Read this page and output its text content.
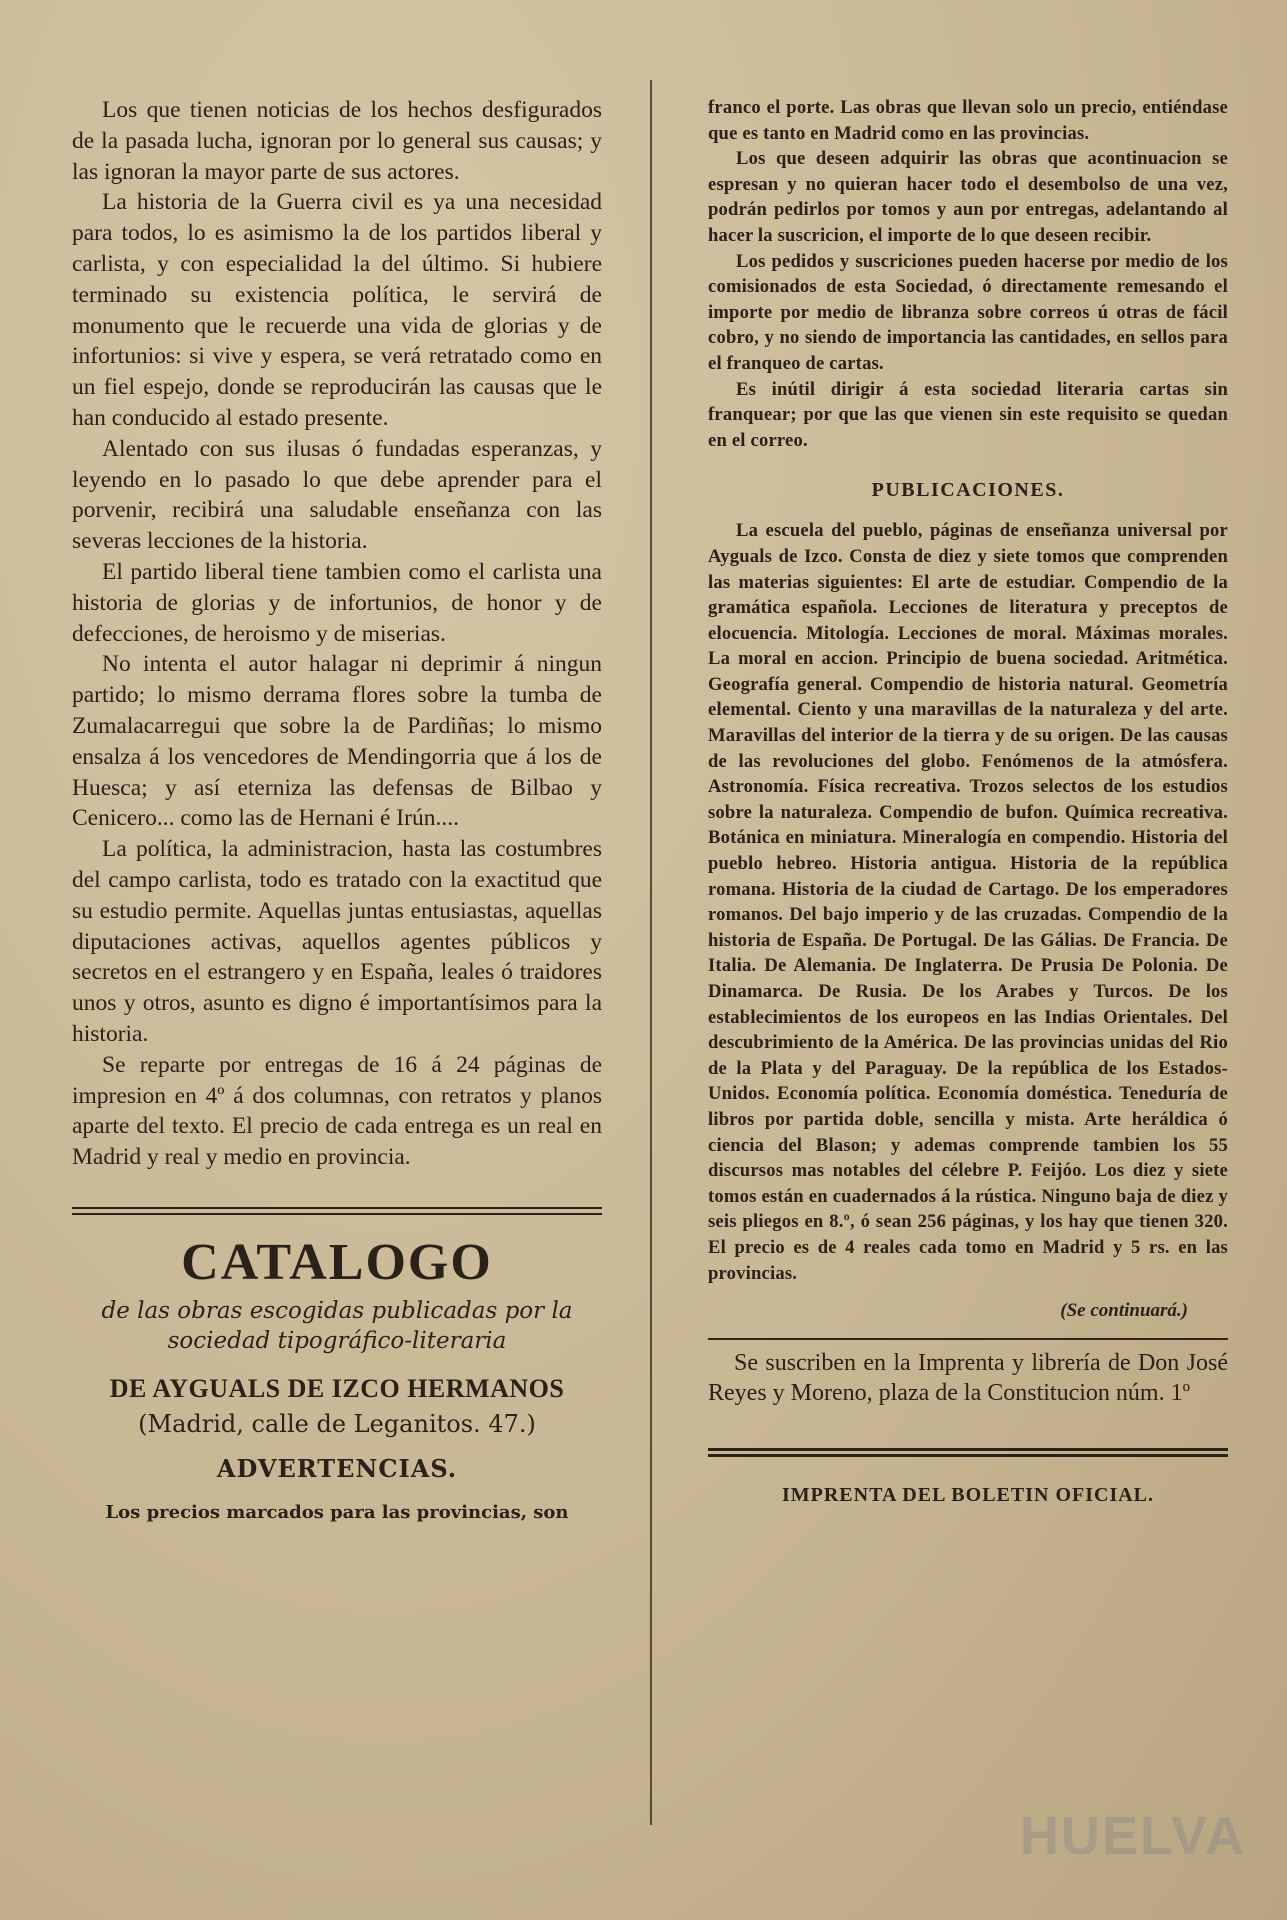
Los que tienen noticias de los hechos desfigurados de la pasada lucha, ignoran por lo general sus causas; y las ignoran la mayor parte de sus actores.

La historia de la Guerra civil es ya una necesidad para todos, lo es asimismo la de los partidos liberal y carlista, y con especialidad la del último. Si hubiere terminado su existencia política, le servirá de monumento que le recuerde una vida de glorias y de infortunios: si vive y espera, se verá retratado como en un fiel espejo, donde se reproducirán las causas que le han conducido al estado presente.

Alentado con sus ilusas ó fundadas esperanzas, y leyendo en lo pasado lo que debe aprender para el porvenir, recibirá una saludable enseñanza con las severas lecciones de la historia.

El partido liberal tiene tambien como el carlista una historia de glorias y de infortunios, de honor y de defecciones, de heroismo y de miserias.

No intenta el autor halagar ni deprimir á ningun partido; lo mismo derrama flores sobre la tumba de Zumalacarregui que sobre la de Pardiñas; lo mismo ensalza á los vencedores de Mendingorria que á los de Huesca; y así eterniza las defensas de Bilbao y Cenicero... como las de Hernani é Irún....

La política, la administracion, hasta las costumbres del campo carlista, todo es tratado con la exactitud que su estudio permite. Aquellas juntas entusiastas, aquellas diputaciones activas, aquellos agentes públicos y secretos en el estrangero y en España, leales ó traidores unos y otros, asunto es digno é importantísimos para la historia.

Se reparte por entregas de 16 á 24 páginas de impresion en 4º á dos columnas, con retratos y planos aparte del texto. El precio de cada entrega es un real en Madrid y real y medio en provincia.

CATALOGO

de las obras escogidas publicadas por la sociedad tipográfico-literaria

DE AYGUALS DE IZCO HERMANOS

(Madrid, calle de Leganitos. 47.)

ADVERTENCIAS.

Los precios marcados para las provincias, son

franco el porte. Las obras que llevan solo un precio, entiéndase que es tanto en Madrid como en las provincias.

Los que deseen adquirir las obras que acontinuacion se espresan y no quieran hacer todo el desembolso de una vez, podrán pedirlos por tomos y aun por entregas, adelantando al hacer la suscricion, el importe de lo que deseen recibir.

Los pedidos y suscriciones pueden hacerse por medio de los comisionados de esta Sociedad, ó directamente remesando el importe por medio de libranza sobre correos ú otras de fácil cobro, y no siendo de importancia las cantidades, en sellos para el franqueo de cartas.

Es inútil dirigir á esta sociedad literaria cartas sin franquear; por que las que vienen sin este requisito se quedan en el correo.

PUBLICACIONES.

La escuela del pueblo, páginas de enseñanza universal por Ayguals de Izco. Consta de diez y siete tomos que comprenden las materias siguientes: El arte de estudiar. Compendio de la gramática española. Lecciones de literatura y preceptos de elocuencia. Mitología. Lecciones de moral. Máximas morales. La moral en accion. Principio de buena sociedad. Aritmética. Geografía general. Compendio de historia natural. Geometría elemental. Ciento y una maravillas de la naturaleza y del arte. Maravillas del interior de la tierra y de su origen. De las causas de las revoluciones del globo. Fenómenos de la atmósfera. Astronomía. Física recreativa. Trozos selectos de los estudios sobre la naturaleza. Compendio de bufon. Química recreativa. Botánica en miniatura. Mineralogía en compendio. Historia del pueblo hebreo. Historia antigua. Historia de la república romana. Historia de la ciudad de Cartago. De los emperadores romanos. Del bajo imperio y de las cruzadas. Compendio de la historia de España. De Portugal. De las Gálias. De Francia. De Italia. De Alemania. De Inglaterra. De Prusia De Polonia. De Dinamarca. De Rusia. De los Arabes y Turcos. De los establecimientos de los europeos en las Indias Orientales. Del descubrimiento de la América. De las provincias unidas del Rio de la Plata y del Paraguay. De la república de los Estados-Unidos. Economía política. Economía doméstica. Teneduría de libros por partida doble, sencilla y mista. Arte heráldica ó ciencia del Blason; y ademas comprende tambien los 55 discursos mas notables del célebre P. Feijóo. Los diez y siete tomos están en cuadernados á la rústica. Ninguno baja de diez y seis pliegos en 8.º, ó sean 256 páginas, y los hay que tienen 320. El precio es de 4 reales cada tomo en Madrid y 5 rs. en las provincias.

(Se continuará.)

Se suscriben en la Imprenta y librería de Don José Reyes y Moreno, plaza de la Constitucion núm. 1º

IMPRENTA DEL BOLETIN OFICIAL.
HUELVA
